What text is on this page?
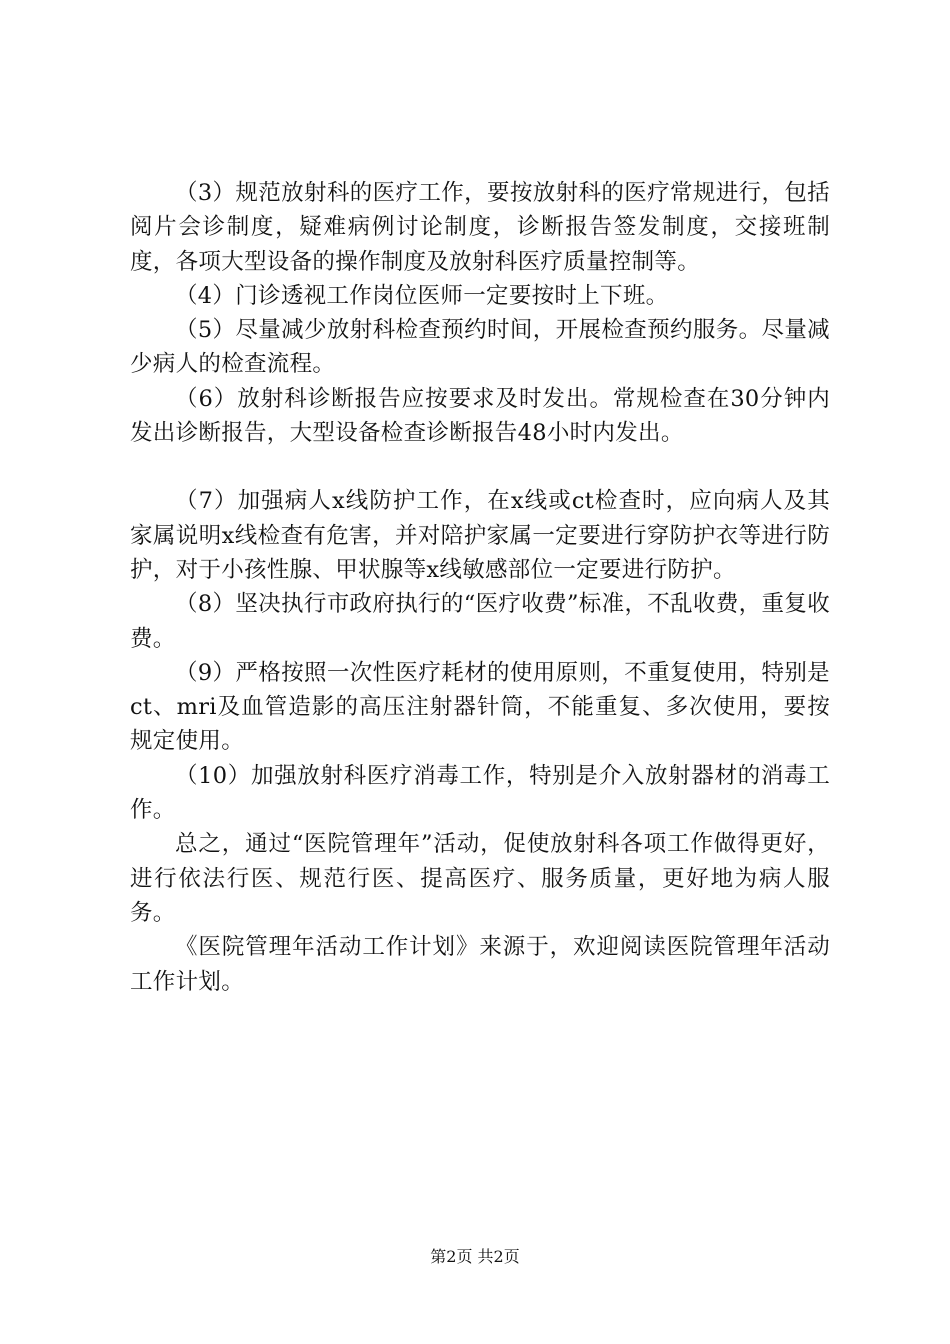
（3）规范放射科的医疗工作，要按放射科的医疗常规进行，包括阅片会诊制度，疑难病例讨论制度，诊断报告签发制度，交接班制度，各项大型设备的操作制度及放射科医疗质量控制等。

（4）门诊透视工作岗位医师一定要按时上下班。

（5）尽量减少放射科检查预约时间，开展检查预约服务。尽量减少病人的检查流程。

（6）放射科诊断报告应按要求及时发出。常规检查在30分钟内发出诊断报告，大型设备检查诊断报告48小时内发出。

（7）加强病人x线防护工作，在x线或ct检查时，应向病人及其家属说明x线检查有危害，并对陪护家属一定要进行穿防护衣等进行防护，对于小孩性腺、甲状腺等x线敏感部位一定要进行防护。

（8）坚决执行市政府执行的“医疗收费”标准，不乱收费，重复收费。

（9）严格按照一次性医疗耗材的使用原则，不重复使用，特别是ct、mri及血管造影的高压注射器针筒，不能重复、多次使用，要按规定使用。

（10）加强放射科医疗消毒工作，特别是介入放射器材的消毒工作。

总之，通过“医院管理年”活动，促使放射科各项工作做得更好，进行依法行医、规范行医、提高医疗、服务质量，更好地为病人服务。

《医院管理年活动工作计划》来源于，欢迎阅读医院管理年活动工作计划。

第2页 共2页
